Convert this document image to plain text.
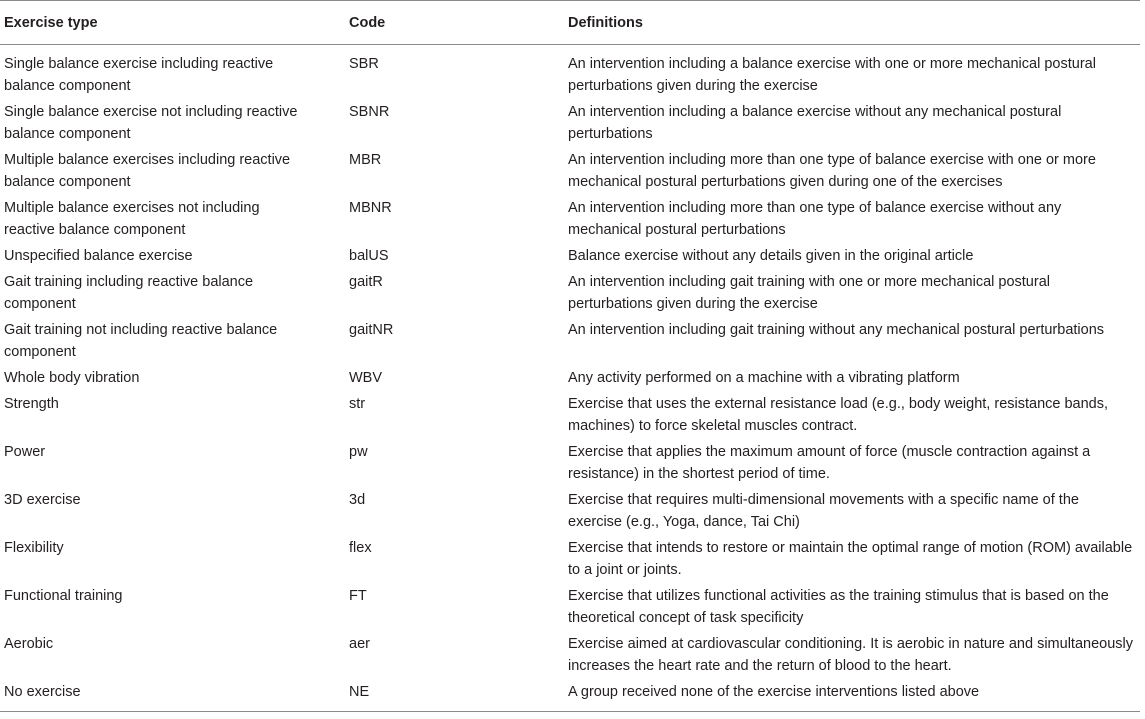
Exercise type	Code	Definitions
Single balance exercise including reactive balance component	SBR	An intervention including a balance exercise with one or more mechanical postural perturbations given during the exercise
Single balance exercise not including reactive balance component	SBNR	An intervention including a balance exercise without any mechanical postural perturbations
Multiple balance exercises including reactive balance component	MBR	An intervention including more than one type of balance exercise with one or more mechanical postural perturbations given during one of the exercises
Multiple balance exercises not including reactive balance component	MBNR	An intervention including more than one type of balance exercise without any mechanical postural perturbations
Unspecified balance exercise	balUS	Balance exercise without any details given in the original article
Gait training including reactive balance component	gaitR	An intervention including gait training with one or more mechanical postural perturbations given during the exercise
Gait training not including reactive balance component	gaitNR	An intervention including gait training without any mechanical postural perturbations
Whole body vibration	WBV	Any activity performed on a machine with a vibrating platform
Strength	str	Exercise that uses the external resistance load (e.g., body weight, resistance bands, machines) to force skeletal muscles contract.
Power	pw	Exercise that applies the maximum amount of force (muscle contraction against a resistance) in the shortest period of time.
3D exercise	3d	Exercise that requires multi-dimensional movements with a specific name of the exercise (e.g., Yoga, dance, Tai Chi)
Flexibility	flex	Exercise that intends to restore or maintain the optimal range of motion (ROM) available to a joint or joints.
Functional training	FT	Exercise that utilizes functional activities as the training stimulus that is based on the theoretical concept of task specificity
Aerobic	aer	Exercise aimed at cardiovascular conditioning. It is aerobic in nature and simultaneously increases the heart rate and the return of blood to the heart.
No exercise	NE	A group received none of the exercise interventions listed above
